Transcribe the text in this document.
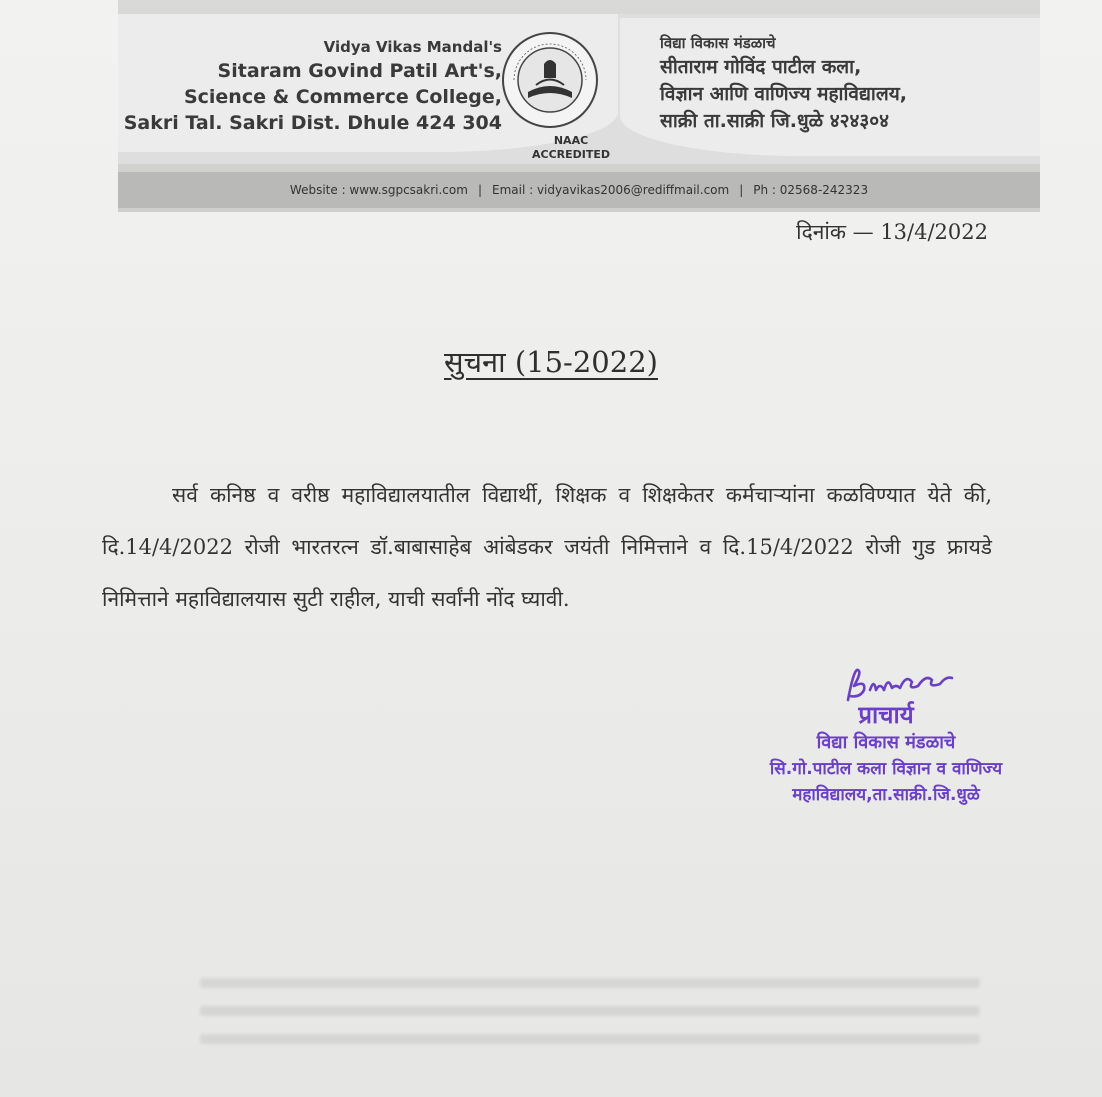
Vidya Vikas Mandal's
Sitaram Govind Patil Art's,
Science & Commerce College,
Sakri Tal. Sakri Dist. Dhule 424 304
NAAC
ACCREDITED
विद्या विकास मंडळाचे
सीताराम गोविंद पाटील कला,
विज्ञान आणि वाणिज्य महाविद्यालय,
साक्री ता.साक्री जि.धुळे ४२४३०४
Website : www.sgpcsakri.com | Email : vidyavikas2006@rediffmail.com | Ph : 02568-242323
दिनांक — 13/4/2022
सुचना (15-2022)

सर्व कनिष्ठ व वरीष्ठ महाविद्यालयातील विद्यार्थी, शिक्षक व शिक्षकेतर कर्मचाऱ्यांना कळविण्यात येते की, दि.14/4/2022 रोजी भारतरत्न डॉ.बाबासाहेब आंबेडकर जयंती निमित्ताने व दि.15/4/2022 रोजी गुड फ्रायडे निमित्ताने महाविद्यालयास सुटी राहील, याची सर्वांनी नोंद घ्यावी.

प्राचार्य
विद्या विकास मंडळाचे
सि.गो.पाटील कला विज्ञान व वाणिज्य
महाविद्यालय,ता.साक्री.जि.धुळे
